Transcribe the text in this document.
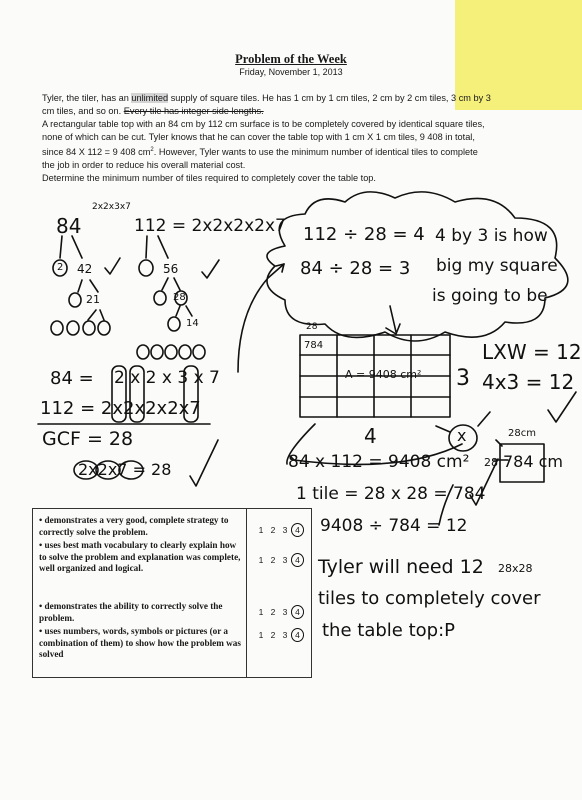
Problem of the Week
Friday, November 1, 2013

Tyler, the tiler, has an unlimited supply of square tiles. He has 1 cm by 1 cm tiles, 2 cm by 2 cm tiles, 3 cm by 3

cm tiles, and so on. Every tile has integer side lengths.

A rectangular table top with an 84 cm by 112 cm surface is to be completely covered by identical square tiles,

none of which can be cut. Tyler knows that he can cover the table top with 1 cm X 1 cm tiles, 9 408 in total,

since 84 X 112 = 9 408 $cm^2$. However, Tyler wants to use the minimum number of identical tiles to complete

the job in order to reduce his overall material cost.

Determine the minimum number of tiles required to completely cover the table top.

2x2x3x7
84	112 = 2x2x2x2x7
42
2
21
56
28
14
84 = 2 x 2 x 3 x 7
112 = 2x2x2x2x7
GCF = 28
2x2x7 = 28
112 ÷ 28 = 4
84 ÷ 28 = 3
4 by 3 is how
big my square
is going to be
28
784
A = 9408 cm² 3
4	x
LXW = 12
4x3 = 12
28cm
28 784 cm
84 x 112 = 9408 cm²
1 tile = 28 x 28 = 784
9408 ÷ 784 = 12
Tyler will need 12 28x28
tiles to completely cover
the table top:P
• demonstrates a very good, complete strategy to correctly solve the problem.
• uses best math vocabulary to clearly explain how to solve the problem and explanation was complete, well organized and logical.
• demonstrates the ability to correctly solve the problem.
• uses numbers, words, symbols or pictures (or a combination of them) to show how the problem was solved
1 2 3 4
1 2 3 4
1 2 3 4
1 2 3 4
